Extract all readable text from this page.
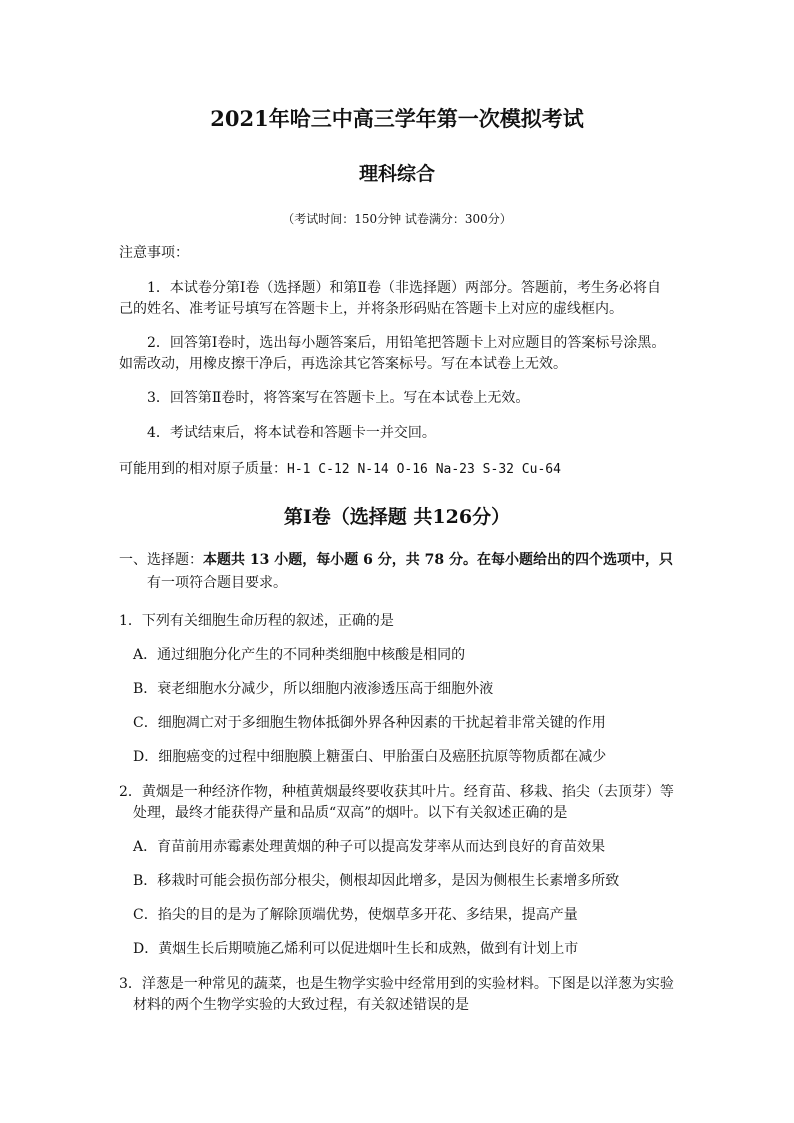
2021年哈三中高三学年第一次模拟考试
理科综合
（考试时间：150分钟 试卷满分：300分）
注意事项：
1．本试卷分第Ⅰ卷（选择题）和第Ⅱ卷（非选择题）两部分。答题前，考生务必将自
己的姓名、准考证号填写在答题卡上，并将条形码贴在答题卡上对应的虚线框内。
2．回答第Ⅰ卷时，选出每小题答案后，用铅笔把答题卡上对应题目的答案标号涂黑。
如需改动，用橡皮擦干净后，再选涂其它答案标号。写在本试卷上无效。
3．回答第Ⅱ卷时，将答案写在答题卡上。写在本试卷上无效。
4．考试结束后，将本试卷和答题卡一并交回。
可能用到的相对原子质量：H-1 C-12 N-14 O-16 Na-23 S-32 Cu-64
第Ⅰ卷（选择题 共126分）
一、选择题：本题共 13 小题，每小题 6 分，共 78 分。在每小题给出的四个选项中，只
有一项符合题目要求。
1．下列有关细胞生命历程的叙述，正确的是
A．通过细胞分化产生的不同种类细胞中核酸是相同的
B．衰老细胞水分减少，所以细胞内液渗透压高于细胞外液
C．细胞凋亡对于多细胞生物体抵御外界各种因素的干扰起着非常关键的作用
D．细胞癌变的过程中细胞膜上糖蛋白、甲胎蛋白及癌胚抗原等物质都在减少
2．黄烟是一种经济作物，种植黄烟最终要收获其叶片。经育苗、移栽、掐尖（去顶芽）等
处理，最终才能获得产量和品质“双高”的烟叶。以下有关叙述正确的是
A．育苗前用赤霉素处理黄烟的种子可以提高发芽率从而达到良好的育苗效果
B．移栽时可能会损伤部分根尖，侧根却因此增多，是因为侧根生长素增多所致
C．掐尖的目的是为了解除顶端优势，使烟草多开花、多结果，提高产量
D．黄烟生长后期喷施乙烯利可以促进烟叶生长和成熟，做到有计划上市
3．洋葱是一种常见的蔬菜，也是生物学实验中经常用到的实验材料。下图是以洋葱为实验
材料的两个生物学实验的大致过程，有关叙述错误的是
